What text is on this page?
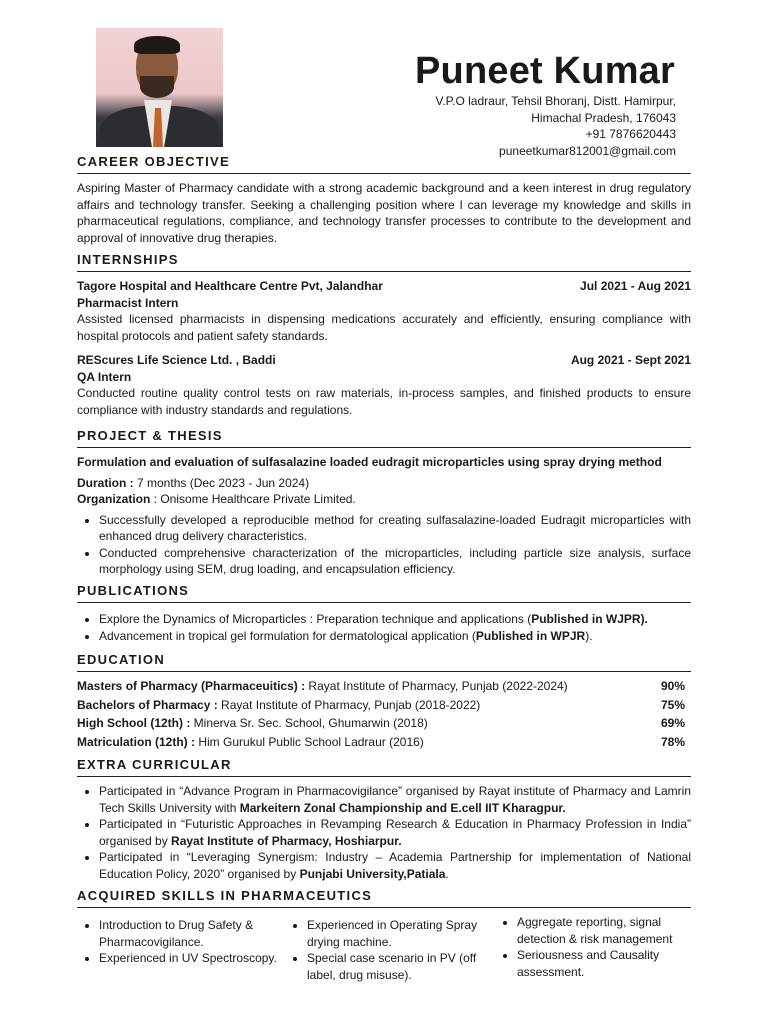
Puneet Kumar
V.P.O ladraur, Tehsil Bhoranj, Distt. Hamirpur,
Himachal Pradesh, 176043
+91 7876620443
puneetkumar812001@gmail.com
CAREER OBJECTIVE
Aspiring Master of Pharmacy candidate with a strong academic background and a keen interest in drug regulatory affairs and technology transfer. Seeking a challenging position where I can leverage my knowledge and skills in pharmaceutical regulations, compliance, and technology transfer processes to contribute to the development and approval of innovative drug therapies.
INTERNSHIPS
Tagore Hospital and Healthcare Centre Pvt, Jalandhar	Jul 2021 - Aug 2021
Pharmacist Intern
Assisted licensed pharmacists in dispensing medications accurately and efficiently, ensuring compliance with hospital protocols and patient safety standards.
REScures Life Science Ltd. , Baddi	Aug 2021 - Sept 2021
QA Intern
Conducted routine quality control tests on raw materials, in-process samples, and finished products to ensure compliance with industry standards and regulations.
PROJECT & THESIS
Formulation and evaluation of sulfasalazine loaded eudragit microparticles using spray drying method
Duration : 7 months (Dec 2023 - Jun 2024)
Organization : Onisome Healthcare Private Limited.
• Successfully developed a reproducible method for creating sulfasalazine-loaded Eudragit microparticles with enhanced drug delivery characteristics.
• Conducted comprehensive characterization of the microparticles, including particle size analysis, surface morphology using SEM, drug loading, and encapsulation efficiency.
PUBLICATIONS
• Explore the Dynamics of Microparticles : Preparation technique and applications (Published in WJPR).
• Advancement in tropical gel formulation for dermatological application (Published in WPJR).
EDUCATION
Masters of Pharmacy (Pharmaceuitics) : Rayat Institute of Pharmacy, Punjab (2022-2024)	90%
Bachelors of Pharmacy : Rayat Institute of Pharmacy, Punjab (2018-2022)	75%
High School (12th) : Minerva Sr. Sec. School, Ghumarwin (2018)	69%
Matriculation (12th) : Him Gurukul Public School Ladraur (2016)	78%
EXTRA CURRICULAR
• Participated in “Advance Program in Pharmacovigilance” organised by Rayat institute of Pharmacy and Lamrin Tech Skills University with Markeitern Zonal Championship and E.cell IIT Kharagpur.
• Participated in “Futuristic Approaches in Revamping Research & Education in Pharmacy Profession in India” organised by Rayat Institute of Pharmacy, Hoshiarpur.
• Participated in “Leveraging Synergism: Industry – Academia Partnership for implementation of National Education Policy, 2020” organised by Punjabi University,Patiala.
ACQUIRED SKILLS IN PHARMACEUTICS
• Introduction to Drug Safety & Pharmacovigilance.
• Experienced in UV Spectroscopy.
• Experienced in Operating Spray drying machine.
• Special case scenario in PV (off label, drug misuse).
• Aggregate reporting, signal detection & risk management
• Seriousness and Causality assessment.
